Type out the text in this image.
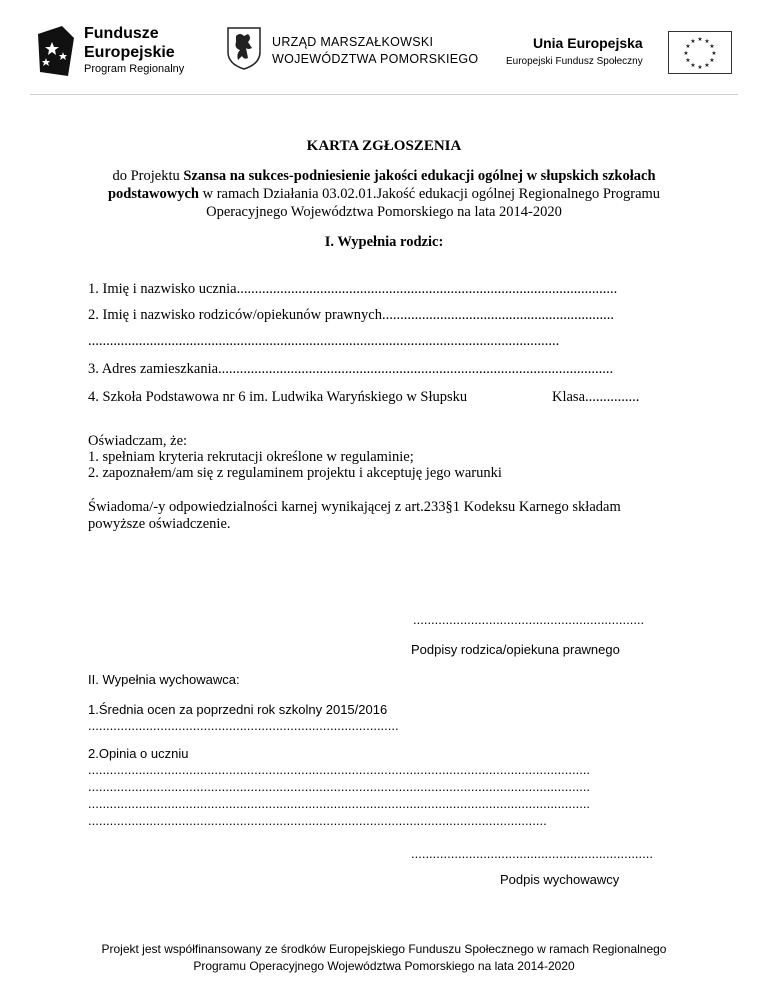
Fundusze
Europejskie
Program Regionalny
URZĄD MARSZAŁKOWSKI
WOJEWÓDZTWA POMORSKIEGO
Unia Europejska
Europejski Fundusz Społeczny
★ ★
★
★
★
★
★
★
★
★
★
★
KARTA ZGŁOSZENIA
do Projektu Szansa na sukces-podniesienie jakości edukacji ogólnej w słupskich szkołach podstawowych w ramach Działania 03.02.01.Jakość edukacji ogólnej Regionalnego Programu Operacyjnego Województwa Pomorskiego na lata 2014-2020
I. Wypełnia rodzic:
1. Imię i nazwisko ucznia.........................................................................................................
2. Imię i nazwisko rodziców/opiekunów prawnych................................................................
..................................................................................................................................
3. Adres zamieszkania.............................................................................................................
4. Szkoła Podstawowa nr 6 im. Ludwika Waryńskiego w Słupsku	Klasa...............
Oświadczam, że:
1. spełniam kryteria rekrutacji określone w regulaminie;
2. zapoznałem/am się z regulaminem projektu i akceptuję jego warunki
Świadoma/-y odpowiedzialności karnej wynikającej z art.233§1 Kodeksu Karnego składam
powyższe oświadczenie.
................................................................
Podpisy rodzica/opiekuna prawnego
II. Wypełnia wychowawca:
1.Średnia ocen za poprzedni rok szkolny 2015/2016
......................................................................................
2.Opinia o uczniu
...........................................................................................................................................
...........................................................................................................................................
...........................................................................................................................................
...............................................................................................................................
...................................................................
Podpis wychowawcy
Projekt jest współfinansowany ze środków Europejskiego Funduszu Społecznego w ramach Regionalnego
Programu Operacyjnego Województwa Pomorskiego na lata 2014-2020
